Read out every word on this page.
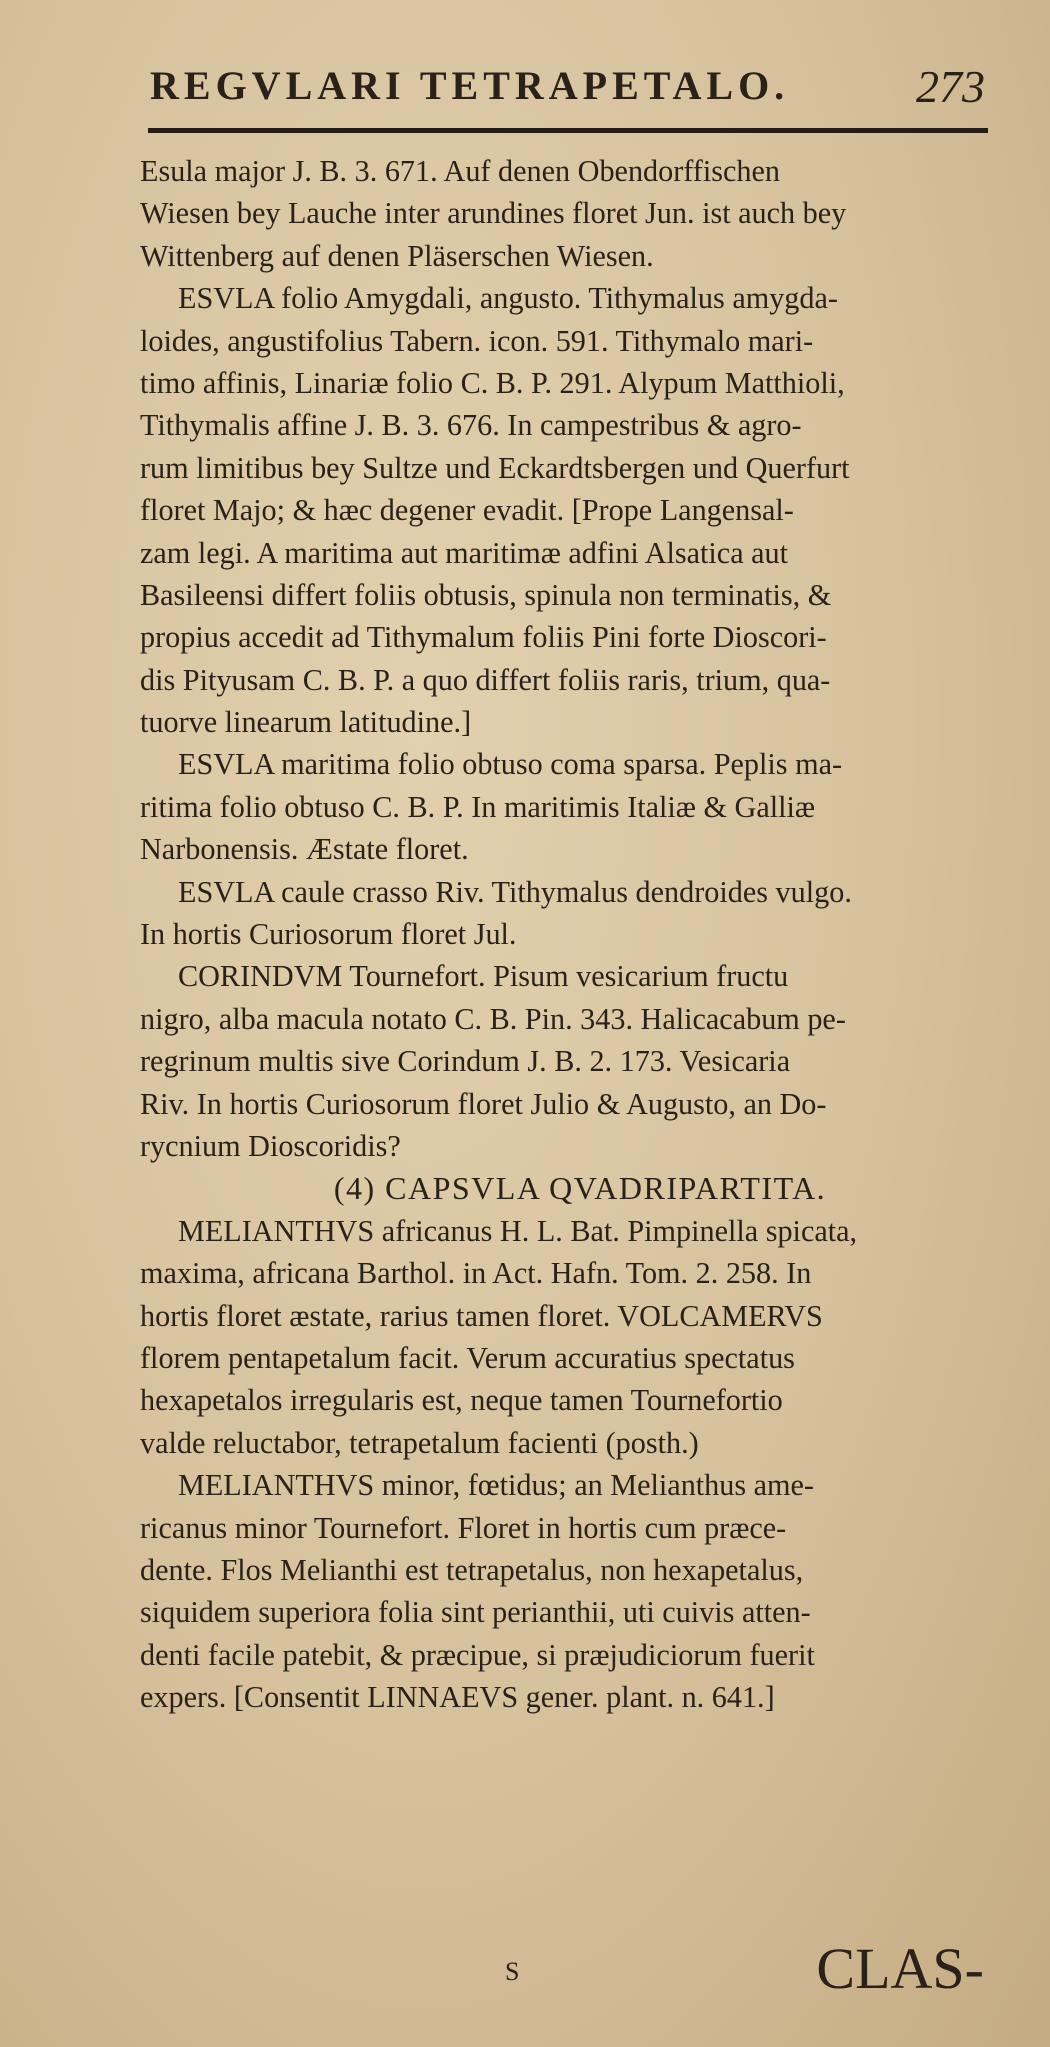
REGVLARI TETRAPETALO.	273
Esula major J. B. 3. 671. Auf denen Obendorffischen
Wiesen bey Lauche inter arundines floret Jun. ist auch bey
Wittenberg auf denen Pläserschen Wiesen.
ESVLA folio Amygdali, angusto. Tithymalus amygda-
loides, angustifolius Tabern. icon. 591. Tithymalo mari-
timo affinis, Linariæ folio C. B. P. 291. Alypum Matthioli,
Tithymalis affine J. B. 3. 676. In campestribus & agro-
rum limitibus bey Sultze und Eckardtsbergen und Querfurt
floret Majo; & hæc degener evadit. [Prope Langensal-
zam legi. A maritima aut maritimæ adfini Alsatica aut
Basileensi differt foliis obtusis, spinula non terminatis, &
propius accedit ad Tithymalum foliis Pini forte Dioscori-
dis Pityusam C. B. P. a quo differt foliis raris, trium, qua-
tuorve linearum latitudine.]
ESVLA maritima folio obtuso coma sparsa. Peplis ma-
ritima folio obtuso C. B. P. In maritimis Italiæ & Galliæ
Narbonensis. Æstate floret.
ESVLA caule crasso Riv. Tithymalus dendroides vulgo.
In hortis Curiosorum floret Jul.
CORINDVM Tournefort. Pisum vesicarium fructu
nigro, alba macula notato C. B. Pin. 343. Halicacabum pe-
regrinum multis sive Corindum J. B. 2. 173. Vesicaria
Riv. In hortis Curiosorum floret Julio & Augusto, an Do-
rycnium Dioscoridis?
(4) CAPSVLA QVADRIPARTITA.
MELIANTHVS africanus H. L. Bat. Pimpinella spicata,
maxima, africana Barthol. in Act. Hafn. Tom. 2. 258. In
hortis floret æstate, rarius tamen floret. VOLCAMERVS
florem pentapetalum facit. Verum accuratius spectatus
hexapetalos irregularis est, neque tamen Tournefortio
valde reluctabor, tetrapetalum facienti (posth.)
MELIANTHVS minor, fœtidus; an Melianthus ame-
ricanus minor Tournefort. Floret in hortis cum præce-
dente. Flos Melianthi est tetrapetalus, non hexapetalus,
siquidem superiora folia sint perianthii, uti cuivis atten-
denti facile patebit, & præcipue, si præjudiciorum fuerit
expers. [Consentit LINNAEVS gener. plant. n. 641.]
S	CLAS-
